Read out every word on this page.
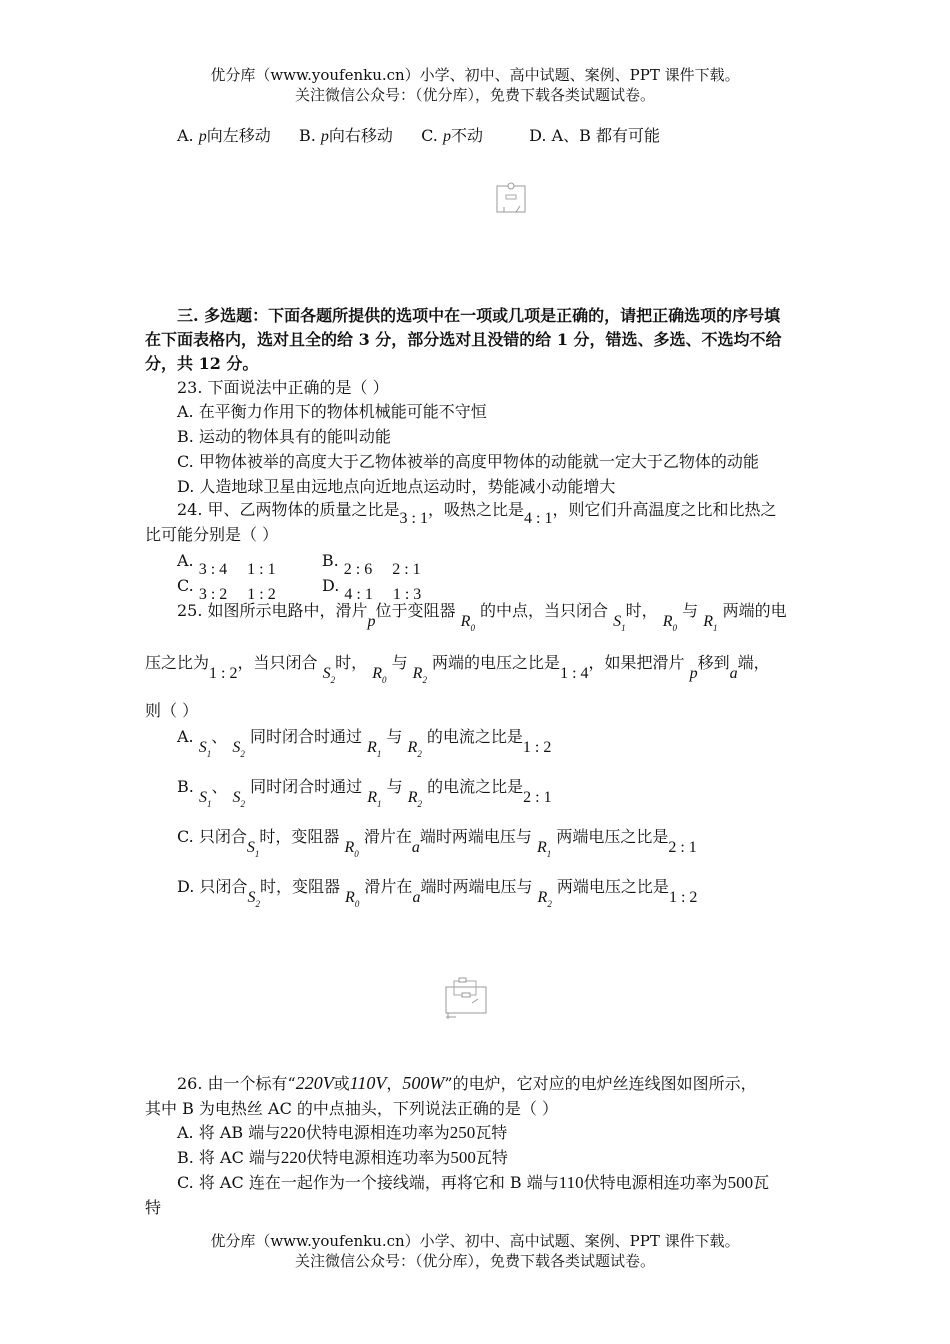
优分库（www.youfenku.cn）小学、初中、高中试题、案例、PPT 课件下载。
关注微信公众号：（优分库），免费下载各类试题试卷。
A. p向左移动 B. p向右移动 C. p不动	D. A、B 都有可能
三. 多选题：下面各题所提供的选项中在一项或几项是正确的，请把正确选项的序号填
在下面表格内，选对且全的给 3 分，部分选对且没错的给 1 分，错选、多选、不选均不给
分，共 12 分。
23. 下面说法中正确的是（ ）
A. 在平衡力作用下的物体机械能可能不守恒
B. 运动的物体具有的能叫动能
C. 甲物体被举的高度大于乙物体被举的高度甲物体的动能就一定大于乙物体的动能
D. 人造地球卫星由远地点向近地点运动时，势能减小动能增大
24. 甲、乙两物体的质量之比是3 : 1，吸热之比是4 : 1，则它们升高温度之比和比热之
比可能分别是（ ）
A. 3 : 4     1 : 1	B. 2 : 6     2 : 1
C. 3 : 2     1 : 2	D. 4 : 1     1 : 3
25. 如图所示电路中，滑片p位于变阻器 $R_0$ 的中点，当只闭合 $S_1$时， $R_0$ 与 $R_1$ 两端的电
压之比为1 : 2，当只闭合 $S_2$时， $R_0$ 与 $R_2$ 两端的电压之比是1 : 4，如果把滑片 p移到a端，
则（ ）
A. $S_1$、 $S_2$ 同时闭合时通过 $R_1$ 与 $R_2$ 的电流之比是1 : 2
B. $S_1$、 $S_2$ 同时闭合时通过 $R_1$ 与 $R_2$ 的电流之比是2 : 1
C. 只闭合$S_1$时，变阻器 $R_0$ 滑片在a端时两端电压与 $R_1$ 两端电压之比是2 : 1
D. 只闭合$S_2$时，变阻器 $R_0$ 滑片在a端时两端电压与 $R_2$ 两端电压之比是1 : 2
26. 由一个标有“220V或110V，500W”的电炉，它对应的电炉丝连线图如图所示，
其中 B 为电热丝 AC 的中点抽头，下列说法正确的是（ ）
A. 将 AB 端与220伏特电源相连功率为250瓦特
B. 将 AC 端与220伏特电源相连功率为500瓦特
C. 将 AC 连在一起作为一个接线端，再将它和 B 端与110伏特电源相连功率为500瓦
特
优分库（www.youfenku.cn）小学、初中、高中试题、案例、PPT 课件下载。
关注微信公众号：（优分库），免费下载各类试题试卷。
